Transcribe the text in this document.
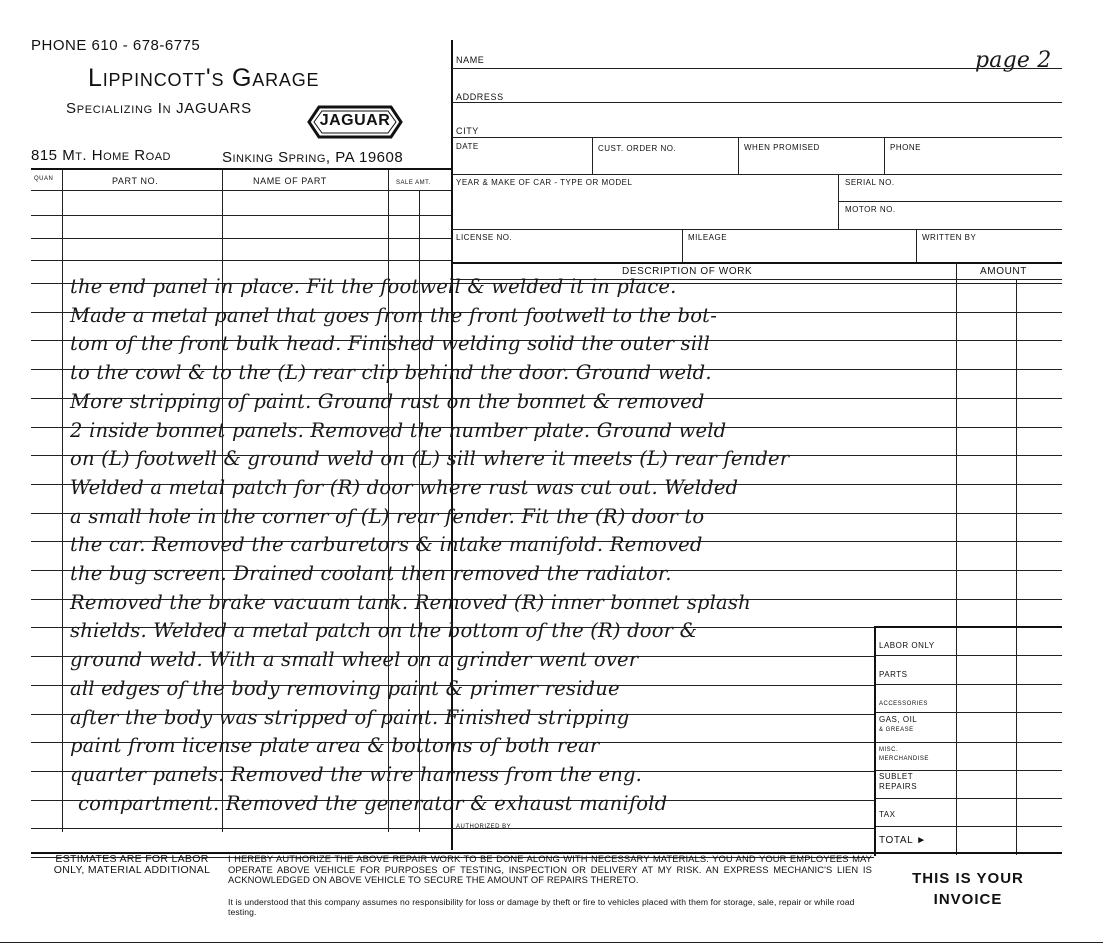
PHONE 610 - 678-6775
Lippincott's Garage
Specializing In JAGUARS
JAGUAR
815 Mt. Home Road	Sinking Spring, PA 19608
page 2
NAME
ADDRESS
CITY
DATE	CUST. ORDER NO.	WHEN PROMISED	PHONE
YEAR & MAKE OF CAR - TYPE OR MODEL	SERIAL NO.
MOTOR NO.
LICENSE NO.	MILEAGE	WRITTEN BY
QUAN	PART NO.	NAME OF PART	SALE AMT.
DESCRIPTION OF WORK	AMOUNT
LABOR ONLY
PARTS
ACCESSORIES
GAS, OIL
& GREASE
MISC.
MERCHANDISE
SUBLET
REPAIRS
TAX
TOTAL ►
AUTHORIZED BY
the end panel in place. Fit the footwell & welded it in place.
Made a metal panel that goes from the front footwell to the bot-
tom of the front bulk head. Finished welding solid the outer sill
to the cowl & to the (L) rear clip behind the door. Ground weld.
More stripping of paint. Ground rust on the bonnet & removed
2 inside bonnet panels. Removed the number plate. Ground weld
on (L) footwell & ground weld on (L) sill where it meets (L) rear fender
Welded a metal patch for (R) door where rust was cut out. Welded
a small hole in the corner of (L) rear fender. Fit the (R) door to
the car. Removed the carburetors & intake manifold. Removed
the bug screen. Drained coolant then removed the radiator.
Removed the brake vacuum tank. Removed (R) inner bonnet splash
shields. Welded a metal patch on the bottom of the (R) door &
ground weld. With a small wheel on a grinder went over
all edges of the body removing paint & primer residue
after the body was stripped of paint. Finished stripping
paint from license plate area & bottoms of both rear
quarter panels. Removed the wire harness from the eng.
compartment. Removed the generator & exhaust manifold
ESTIMATES ARE FOR LABOR ONLY, MATERIAL ADDITIONAL
I HEREBY AUTHORIZE THE ABOVE REPAIR WORK TO BE DONE ALONG WITH NECESSARY MATERIALS. YOU AND YOUR EMPLOYEES MAY OPERATE ABOVE VEHICLE FOR PURPOSES OF TESTING, INSPECTION OR DELIVERY AT MY RISK. AN EXPRESS MECHANIC'S LIEN IS ACKNOWLEDGED ON ABOVE VEHICLE TO SECURE THE AMOUNT OF REPAIRS THERETO.
It is understood that this company assumes no responsibility for loss or damage by theft or fire to vehicles placed with them for storage, sale, repair or while road testing.
THIS IS YOUR INVOICE
